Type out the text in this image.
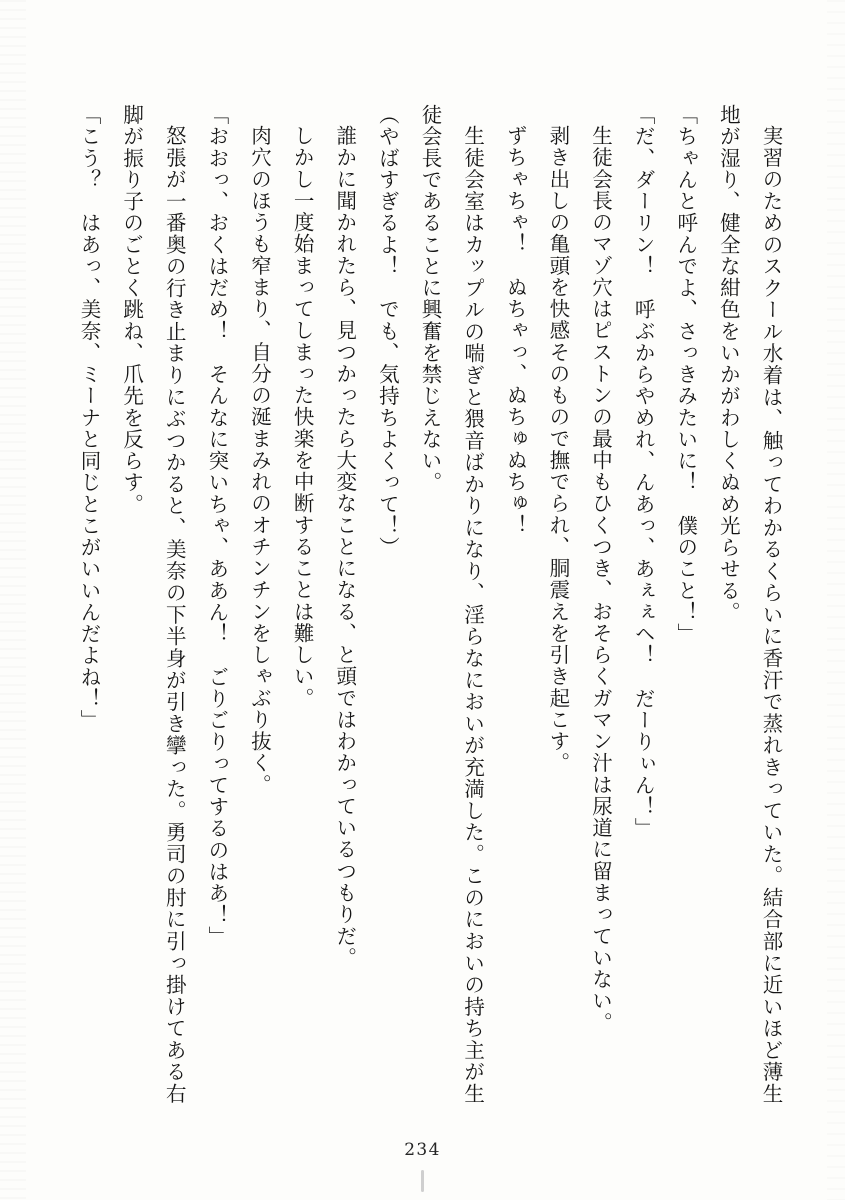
実習のためのスクール水着は、触ってわかるくらいに香汗で蒸れきっていた。結合部に近いほど薄生地が湿り、健全な紺色をいかがわしくぬめ光らせる。

「ちゃんと呼んでよ、さっきみたいに！　僕のこと！」

「だ、ダーリン！　呼ぶからやめれ、んあっ、あぇぇヘ！　だーりぃん！」

生徒会長のマゾ穴はピストンの最中もひくつき、おそらくガマン汁は尿道に留まっていない。

剥き出しの亀頭を快感そのもので撫でられ、胴震えを引き起こす。

ずちゃちゃ！　ぬちゃっ、ぬちゅぬちゅ！

生徒会室はカップルの喘ぎと猥音ばかりになり、淫らなにおいが充満した。このにおいの持ち主が生徒会長であることに興奮を禁じえない。

（やばすぎるよ！　でも、気持ちよくって！）

誰かに聞かれたら、見つかったら大変なことになる、と頭ではわかっているつもりだ。

しかし一度始まってしまった快楽を中断することは難しい。

肉穴のほうも窄まり、自分の涎まみれのオチンチンをしゃぶり抜く。

「おおっ、おくはだめ！　そんなに突いちゃ、ああん！　ごりごりってするのはあ！」

怒張が一番奥の行き止まりにぶつかると、美奈の下半身が引き攣った。勇司の肘に引っ掛けてある右脚が振り子のごとく跳ね、爪先を反らす。

「こう？　はあっ、美奈、ミーナと同じとこがいいんだよね！」

234
